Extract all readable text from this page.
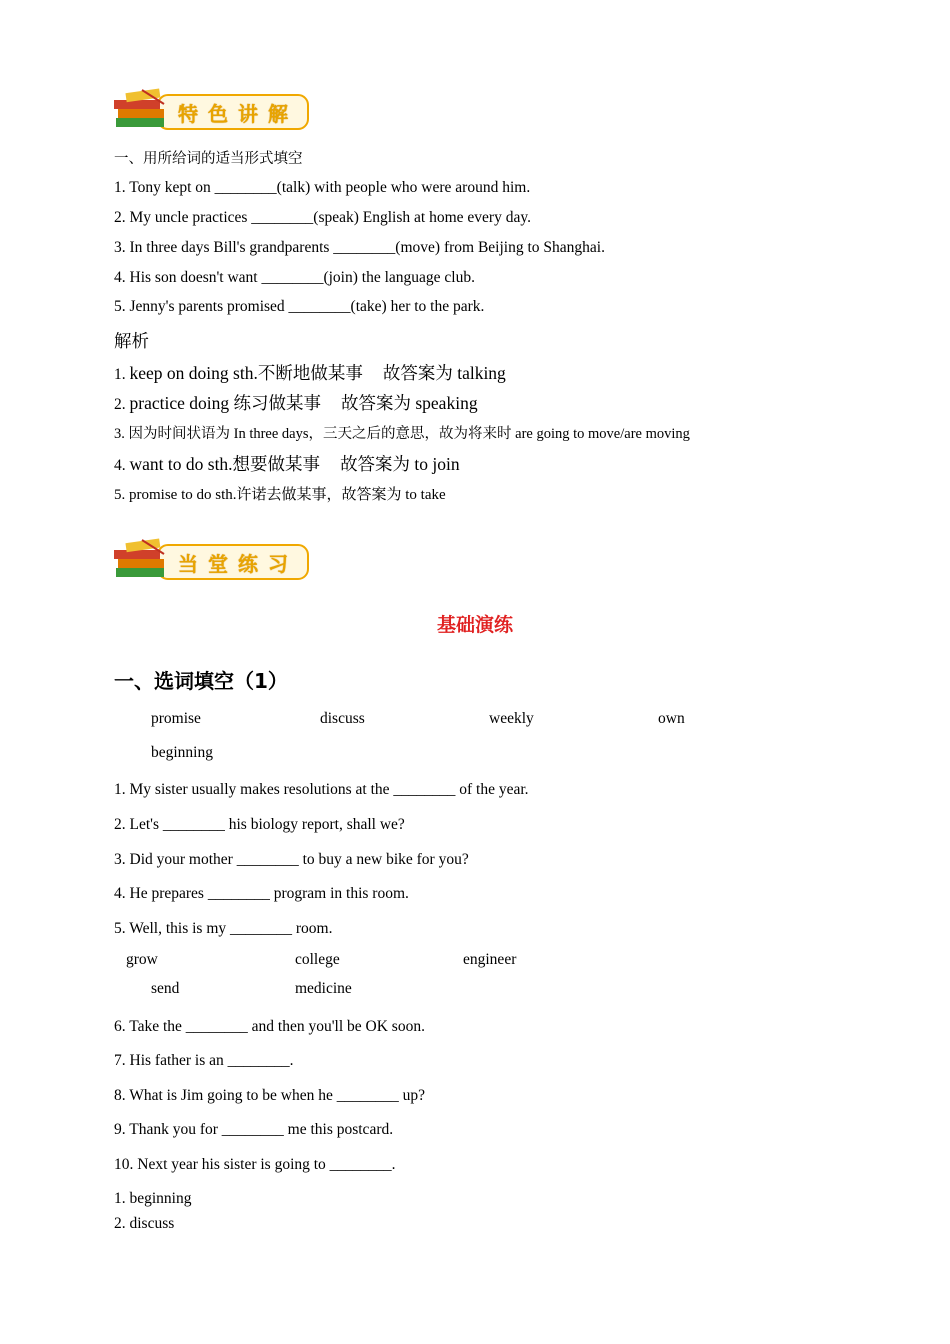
特色讲解
一、用所给词的适当形式填空
1. Tony kept on ________(talk) with people who were around him.
2. My uncle practices ________(speak) English at home every day.
3. In three days Bill's grandparents ________(move) from Beijing to Shanghai.
4. His son doesn't want ________(join) the language club.
5. Jenny's parents promised ________(take) her to the park.
解析
1. keep on doing sth.不断地做某事 故答案为 talking
2. practice doing 练习做某事 故答案为 speaking
3. 因为时间状语为 In three days，三天之后的意思，故为将来时 are going to move/are moving
4. want to do sth.想要做某事 故答案为 to join
5. promise to do sth.许诺去做某事，故答案为 to take
当堂练习
基础演练
一、选词填空（1）
promise	discuss	weekly	own
beginning
1. My sister usually makes resolutions at the ________ of the year.
2. Let's ________ his biology report, shall we?
3. Did your mother ________ to buy a new bike for you?
4. He prepares ________ program in this room.
5. Well, this is my ________ room.
grow	college	engineer
send	medicine
6. Take the ________ and then you'll be OK soon.
7. His father is an ________.
8. What is Jim going to be when he ________ up?
9. Thank you for ________ me this postcard.
10. Next year his sister is going to ________.
1. beginning
2. discuss
